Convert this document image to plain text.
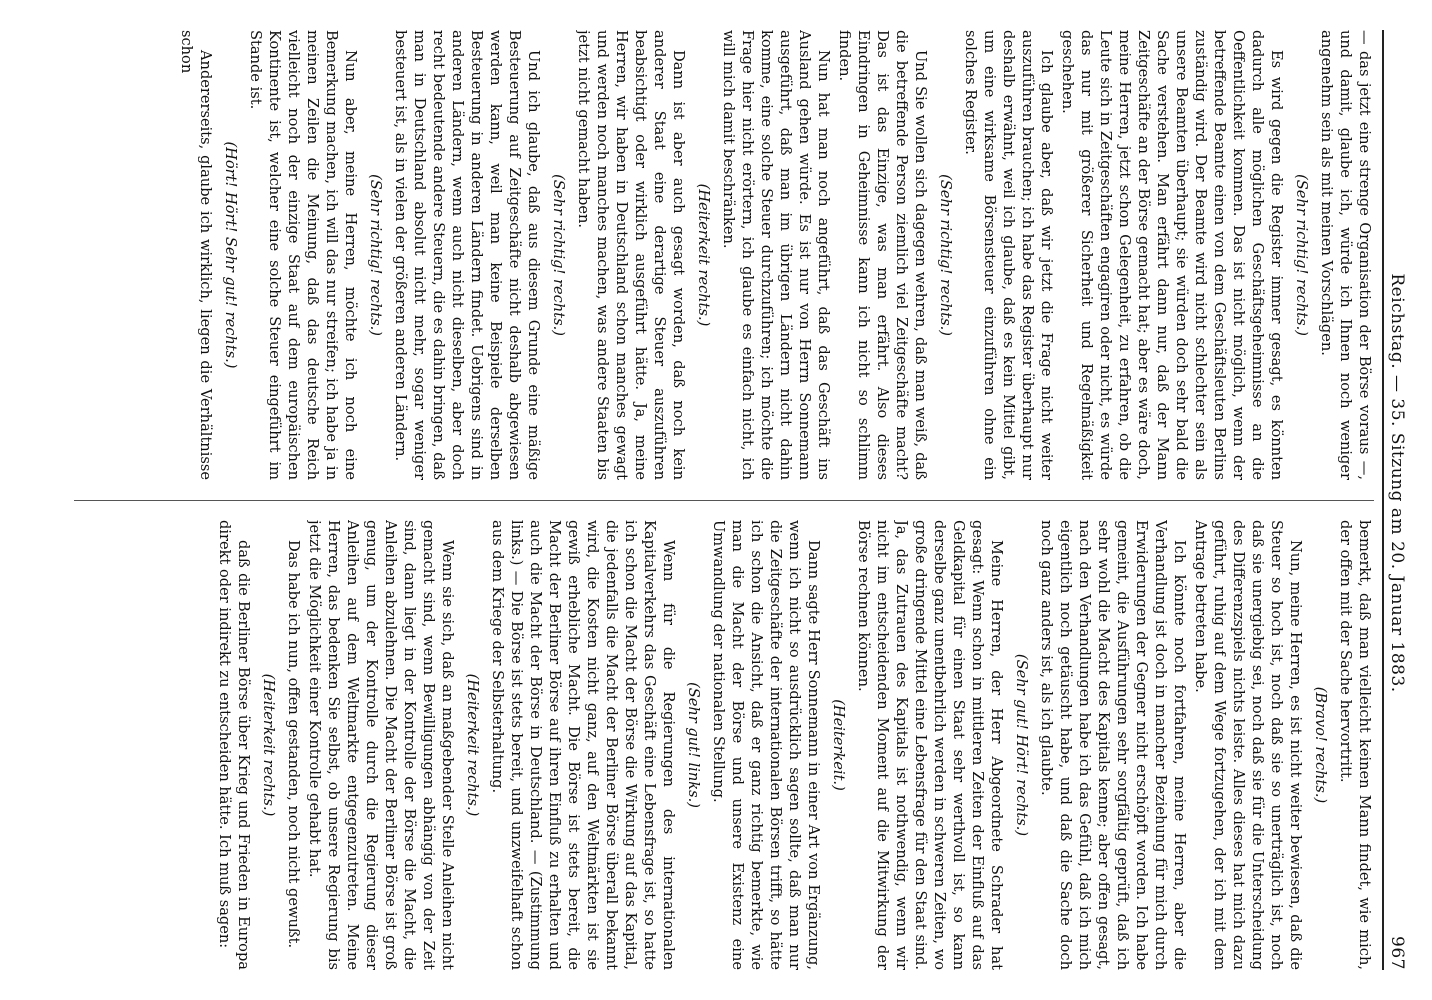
Reichstag. — 35. Sitzung am 20. Januar 1883.
967

— das jetzt eine strenge Organisation der Börse voraus —, und damit, glaube ich, würde ich Ihnen noch weniger angenehm sein als mit meinen Vorschlägen.

(Sehr richtig! rechts.)

Es wird gegen die Register immer gesagt, es könnten dadurch alle möglichen Geschäftsgeheimnisse an die Oeffentlichkeit kommen. Das ist nicht möglich, wenn der betreffende Beamte einen von dem Geschäftsleuten Berlins zuständig wird. Der Beamte wird nicht schlechter sein als unsere Beamten überhaupt; sie würden doch sehr bald die Sache verstehen. Man erfährt dann nur, daß der Mann Zeitgeschäfte an der Börse gemacht hat; aber es wäre doch, meine Herren, jetzt schon Gelegenheit, zu erfahren, ob die Leute sich in Zeitgeschäften engagiren oder nicht, es würde das nur mit größerer Sicherheit und Regelmäßigkeit geschehen.

Ich glaube aber, daß wir jetzt die Frage nicht weiter auszuführen brauchen; ich habe das Register überhaupt nur deshalb erwähnt, weil ich glaube, daß es kein Mittel gibt, um eine wirksame Börsensteuer einzuführen ohne ein solches Register.

(Sehr richtig! rechts.)

Und Sie wollen sich dagegen wehren, daß man weiß, daß die betreffende Person ziemlich viel Zeitgeschäfte macht? Das ist das Einzige, was man erfährt. Also dieses Eindringen in Geheimnisse kann ich nicht so schlimm finden.

Nun hat man noch angeführt, daß das Geschäft ins Ausland gehen würde. Es ist nur von Herrn Sonnemann ausgeführt, daß man im übrigen Ländern nicht dahin komme, eine solche Steuer durchzuführen; ich möchte die Frage hier nicht erörtern, ich glaube es einfach nicht, ich will mich damit beschränken.

(Heiterkeit rechts.)

Dann ist aber auch gesagt worden, daß noch kein anderer Staat eine derartige Steuer auszuführen beabsichtigt oder wirklich ausgeführt hätte. Ja, meine Herren, wir haben in Deutschland schon manches gewagt und werden noch manches machen, was andere Staaten bis jetzt nicht gemacht haben.

(Sehr richtig! rechts.)

Und ich glaube, daß aus diesem Grunde eine mäßige Besteuerung auf Zeitgeschäfte nicht deshalb abgewiesen werden kann, weil man keine Beispiele derselben Besteuerung in anderen Ländern findet. Uebrigens sind in anderen Ländern, wenn auch nicht dieselben, aber doch recht bedeutende andere Steuern, die es dahin bringen, daß man in Deutschland absolut nicht mehr, sogar weniger besteuert ist, als in vielen der größeren anderen Ländern.

(Sehr richtig! rechts.)

Nun aber, meine Herren, möchte ich noch eine Bemerkung machen, ich will das nur streifen; ich habe ja in meinen Zeilen die Meinung, daß das deutsche Reich vielleicht noch der einzige Staat auf dem europäischen Kontinente ist, welcher eine solche Steuer eingeführt im Stande ist.

(Hört! Hört! Sehr gut! rechts.)

Andererseits, glaube ich wirklich, liegen die Verhältnisse schon

bemerkt, daß man vielleicht keinen Mann findet, wie mich, der offen mit der Sache hervortritt.

(Bravo! rechts.)

Nun, meine Herren, es ist nicht weiter bewiesen, daß die Steuer so hoch ist, noch daß sie so unerträglich ist, noch daß sie unergiebig sei, noch daß sie für die Unterscheidung des Differenzspiels nichts leiste. Alles dieses hat mich dazu geführt, ruhig auf dem Wege fortzugehen, der ich mit dem Antrage betreten habe.

Ich könnte noch fortfahren, meine Herren, aber die Verhandlung ist doch in mancher Beziehung für mich durch Erwiderungen der Gegner nicht erschöpft worden. Ich habe gemeint, die Ausführungen sehr sorgfältig geprüft, daß ich sehr wohl die Macht des Kapitals kenne; aber offen gesagt, nach den Verhandlungen habe ich das Gefühl, daß ich mich eigentlich noch getäuscht habe, und daß die Sache doch noch ganz anders ist, als ich glaubte.

(Sehr gut! Hört! rechts.)

Meine Herren, der Herr Abgeordnete Schrader hat gesagt: Wenn schon in mittleren Zeiten der Einfluß auf das Geldkapital für einen Staat sehr werthvoll ist, so kann derselbe ganz unentbehrlich werden in schweren Zeiten, wo große dringende Mittel eine Lebensfrage für den Staat sind. Ja, das Zutrauen des Kapitals ist nothwendig, wenn wir nicht im entscheidenden Moment auf die Mitwirkung der Börse rechnen können.

(Heiterkeit.)

Dann sagte Herr Sonnemann in einer Art von Ergänzung, wenn ich nicht so ausdrücklich sagen sollte, daß man nur die Zeitgeschäfte der internationalen Börsen trifft, so hätte ich schon die Ansicht, daß er ganz richtig bemerkte, wie man die Macht der Börse und unsere Existenz eine Umwandlung der nationalen Stellung.

(Sehr gut! links.)

Wenn für die Regierungen des internationalen Kapitalverkehrs das Geschäft eine Lebensfrage ist, so hatte ich schon die Macht der Börse die Wirkung auf das Kapital, die jedenfalls die Macht der Berliner Börse überall bekannt wird, die Kosten nicht ganz, auf den Weltmärkten ist sie gewiß erhebliche Macht. Die Börse ist stets bereit, die Macht der Berliner Börse auf ihren Einfluß zu erhalten und auch die Macht der Börse in Deutschland. — (Zustimmung links.) — Die Börse ist stets bereit, und unzweifelhaft schon aus dem Kriege der Selbsterhaltung.

(Heiterkeit rechts.)

Wenn sie sich, daß an maßgebender Stelle Anleihen nicht gemacht sind, wenn Bewilligungen abhängig von der Zeit sind, dann liegt in der Kontrolle der Börse die Macht, die Anleihen abzulehnen. Die Macht der Berliner Börse ist groß genug, um der Kontrolle durch die Regierung dieser Anleihen auf dem Weltmarkte entgegenzutreten. Meine Herren, das bedenken Sie selbst, ob unsere Regierung bis jetzt die Möglichkeit einer Kontrolle gehabt hat.

Das habe ich nun, offen gestanden, noch nicht gewußt.

(Heiterkeit rechts.)

daß die Berliner Börse über Krieg und Frieden in Europa direkt oder indirekt zu entscheiden hätte. Ich muß sagen:
